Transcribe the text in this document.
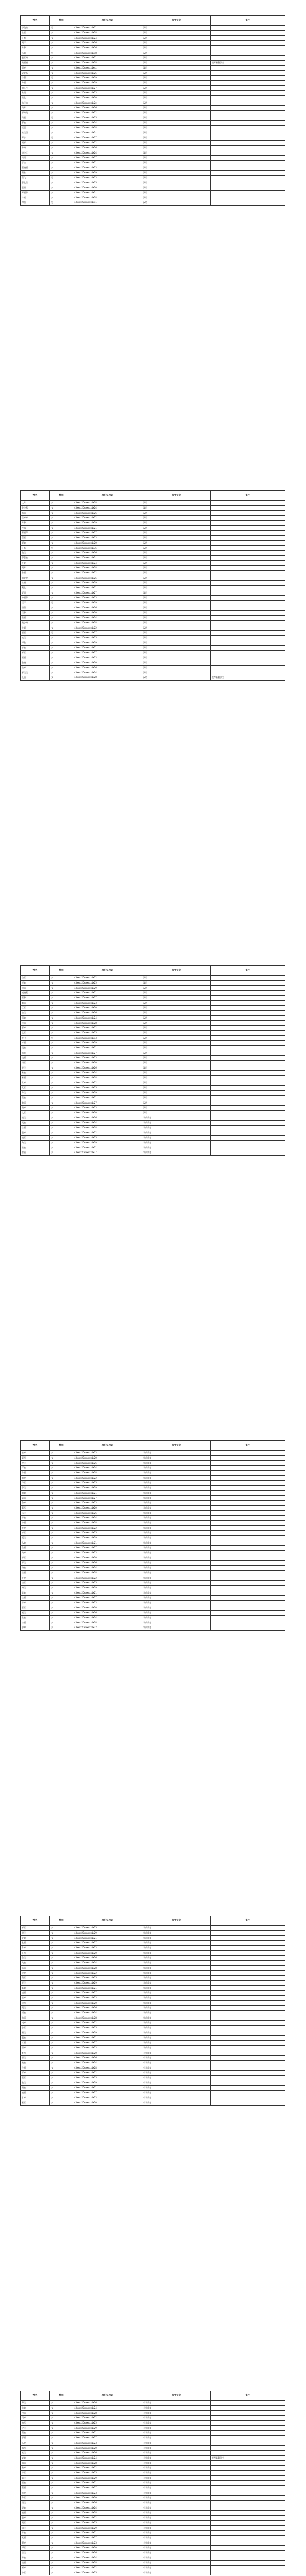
姓名	性别	身份证号码	报考专业	备注
李俊杰	男	43xxxx20xxxxxx1x31	汉语	
张磊	女	43xxxx20xxxxxx1x28	汉语	
王慧	女	43xxxx20xxxxxx1x24	汉语	
刘洋	女	43xxxx20xxxxxx1x26	汉语	
陈静	女	43xxxx20xxxxxx1x76	汉语	
杨帆	男	43xxxx20xxxxxx1x18	汉语	
赵雪梅	女	43xxxx20xxxxxx1x21	汉语	
黄丽娟	女	43xxxx20xxxxxx1x28	汉语	报考新疆学生
周婷	女	43xxxx20xxxxxx1x4x	汉语	
吴晓燕	女	43xxxx20xxxxxx1x25	汉语	
徐强	男	43xxxx20xxxxxx1x39	汉语	
孙丽	女	43xxxx20xxxxxx1x29	汉语	
胡玉兰	女	43xxxx20xxxxxx1x27	汉语	
朱明	女	43xxxx20xxxxxx1x23	汉语	
高欣	女	43xxxx20xxxxxx1x20	汉语	
林佳怡	女	43xxxx20xxxxxx1x2x	汉语	
何芳	女	43xxxx20xxxxxx1x26	汉语	
郭秀英	女	43xxxx20xxxxxx1x22	汉语	
马超	男	43xxxx20xxxxxx1x15	汉语	
罗敏	女	43xxxx20xxxxxx1x24	汉语	
梁晨	女	43xxxx20xxxxxx1x28	汉语	
宋佳琪	女	43xxxx20xxxxxx1x2x	汉语	
郑宇	男	43xxxx20xxxxxx1x37	汉语	
谢娜	女	43xxxx20xxxxxx1x22	汉语	
韩梅	女	43xxxx20xxxxxx1x26	汉语	
唐小红	女	43xxxx20xxxxxx1x24	汉语	
冯雨	女	43xxxx20xxxxxx1x27	汉语	
于洁	女	43xxxx20xxxxxx1x21	汉语	
董晓丽	女	43xxxx20xxxxxx1x23	汉语	
萧雅	女	43xxxx20xxxxxx1x29	汉语	
程飞	男	43xxxx20xxxxxx1x13	汉语	
曹欣然	女	43xxxx20xxxxxx1x25	汉语	
袁园	女	43xxxx20xxxxxx1x20	汉语	
邓丽华	女	43xxxx20xxxxxx1x2x	汉语	
许晴	女	43xxxx20xxxxxx1x28	汉语	
傅雷	男	43xxxx20xxxxxx1x11	汉语	
姓名	性别	身份证号码	报考专业	备注
沈月	女	43xxxx20xxxxxx1x28	汉语	
曾小燕	女	43xxxx20xxxxxx1x24	汉语	
彭丽	女	43xxxx20xxxxxx1x26	汉语	
吕婷婷	女	43xxxx20xxxxxx1x22	汉语	
苏静	女	43xxxx20xxxxxx1x29	汉语	
卢楠	女	43xxxx20xxxxxx1x21	汉语	
蒋丽萍	女	43xxxx20xxxxxx1x27	汉语	
蔡雯	女	43xxxx20xxxxxx1x23	汉语	
贾敏	女	43xxxx20xxxxxx1x20	汉语	
丁磊	男	43xxxx20xxxxxx1x35	汉语	
魏佳	女	43xxxx20xxxxxx1x26	汉语	
薛慧敏	女	43xxxx20xxxxxx1x2x	汉语	
叶青	女	43xxxx20xxxxxx1x24	汉语	
阎芳	女	43xxxx20xxxxxx1x28	汉语	
余丽	女	43xxxx20xxxxxx1x22	汉语	
潘晓婷	女	43xxxx20xxxxxx1x25	汉语	
杜娟	女	43xxxx20xxxxxx1x29	汉语	
戴欣	女	43xxxx20xxxxxx1x21	汉语	
夏雨	女	43xxxx20xxxxxx1x27	汉语	
钟丽华	女	43xxxx20xxxxxx1x23	汉语	
汪洋	男	43xxxx20xxxxxx1x19	汉语	
田甜	女	43xxxx20xxxxxx1x26	汉语	
任静	女	43xxxx20xxxxxx1x20	汉语	
姜丽	女	43xxxx20xxxxxx1x24	汉语	
范小梅	女	43xxxx20xxxxxx1x28	汉语	
方圆	女	43xxxx20xxxxxx1x22	汉语	
石磊	男	43xxxx20xxxxxx1x17	汉语	
姚佳	女	43xxxx20xxxxxx1x25	汉语	
谭晶	女	43xxxx20xxxxxx1x29	汉语	
廖敏	女	43xxxx20xxxxxx1x21	汉语	
邹雪	女	43xxxx20xxxxxx1x27	汉语	
熊丽	女	43xxxx20xxxxxx1x23	汉语	
金晓	女	43xxxx20xxxxxx1x20	汉语	
陆婷	女	43xxxx20xxxxxx1x26	汉语	
郝佳佳	女	43xxxx20xxxxxx1x24	汉语	
孔丽	女	43xxxx20xxxxxx1x28	汉语	报考新疆学生
姓名	性别	身份证号码	报考专业	备注
白雪	女	43xxxx20xxxxxx1x22	汉语	
崔敏	女	43xxxx20xxxxxx1x25	汉语	
康丽	女	43xxxx20xxxxxx1x29	汉语	
毛晓燕	女	43xxxx20xxxxxx1x21	汉语	
邱静	女	43xxxx20xxxxxx1x27	汉语	
秦丽	女	43xxxx20xxxxxx1x23	汉语	
江雪	女	43xxxx20xxxxxx1x20	汉语	
史佳	女	43xxxx20xxxxxx1x26	汉语	
顾敏	女	43xxxx20xxxxxx1x24	汉语	
侯丽	女	43xxxx20xxxxxx1x28	汉语	
邵婷	女	43xxxx20xxxxxx1x22	汉语	
孟雪	女	43xxxx20xxxxxx1x25	汉语	
龙飞	男	43xxxx20xxxxxx1x13	汉语	
万丽	女	43xxxx20xxxxxx1x29	汉语	
段敏	女	43xxxx20xxxxxx1x21	汉语	
雷静	女	43xxxx20xxxxxx1x27	汉语	
钱丽	女	43xxxx20xxxxxx1x23	汉语	
汤雪	女	43xxxx20xxxxxx1x20	汉语	
尹佳	女	43xxxx20xxxxxx1x26	汉语	
黎敏	女	43xxxx20xxxxxx1x24	汉语	
易丽	女	43xxxx20xxxxxx1x28	汉语	
常婷	女	43xxxx20xxxxxx1x22	汉语	
武雪	女	43xxxx20xxxxxx1x25	汉语	
乔佳	女	43xxxx20xxxxxx1x29	汉语	
贺敏	女	43xxxx20xxxxxx1x21	汉语	
赖丽	女	43xxxx20xxxxxx1x27	汉语	
龚婷	女	43xxxx20xxxxxx1x23	汉语	
文雪	女	43xxxx20xxxxxx1x20	汉语	
庞佳	女	43xxxx20xxxxxx1x26	学前教育	
樊敏	女	43xxxx20xxxxxx1x24	学前教育	
兰丽	女	43xxxx20xxxxxx1x28	学前教育	
殷婷	女	43xxxx20xxxxxx1x22	学前教育	
施雪	女	43xxxx20xxxxxx1x25	学前教育	
陶佳	女	43xxxx20xxxxxx1x29	学前教育	
洪敏	女	43xxxx20xxxxxx1x21	学前教育	
翟丽	女	43xxxx20xxxxxx1x27	学前教育	
姓名	性别	身份证号码	报考专业	备注
安婷	女	43xxxx20xxxxxx1x23	学前教育	
颜雪	女	43xxxx20xxxxxx1x20	学前教育	
倪佳	女	43xxxx20xxxxxx1x26	学前教育	
严敏	女	43xxxx20xxxxxx1x24	学前教育	
牛丽	女	43xxxx20xxxxxx1x28	学前教育	
温婷	女	43xxxx20xxxxxx1x22	学前教育	
芦雪	女	43xxxx20xxxxxx1x25	学前教育	
季佳	女	43xxxx20xxxxxx1x29	学前教育	
俞敏	女	43xxxx20xxxxxx1x21	学前教育	
章丽	女	43xxxx20xxxxxx1x27	学前教育	
鲁婷	女	43xxxx20xxxxxx1x23	学前教育	
葛雪	女	43xxxx20xxxxxx1x20	学前教育	
伍佳	女	43xxxx20xxxxxx1x26	学前教育	
韦敏	女	43xxxx20xxxxxx1x24	学前教育	
申丽	女	43xxxx20xxxxxx1x28	学前教育	
尤婷	女	43xxxx20xxxxxx1x22	学前教育	
毕雪	女	43xxxx20xxxxxx1x25	学前教育	
聂佳	女	43xxxx20xxxxxx1x29	学前教育	
丛敏	女	43xxxx20xxxxxx1x21	学前教育	
焦丽	女	43xxxx20xxxxxx1x27	学前教育	
向婷	女	43xxxx20xxxxxx1x23	学前教育	
柳雪	女	43xxxx20xxxxxx1x20	学前教育	
邢佳	女	43xxxx20xxxxxx1x26	学前教育	
路敏	女	43xxxx20xxxxxx1x24	学前教育	
岳丽	女	43xxxx20xxxxxx1x28	学前教育	
齐婷	女	43xxxx20xxxxxx1x22	学前教育	
沿雪	女	43xxxx20xxxxxx1x25	学前教育	
梅佳	女	43xxxx20xxxxxx1x29	学前教育	
莫敏	女	43xxxx20xxxxxx1x21	学前教育	
庄丽	女	43xxxx20xxxxxx1x27	学前教育	
辛婷	女	43xxxx20xxxxxx1x23	学前教育	
管雪	女	43xxxx20xxxxxx1x20	学前教育	
祝佳	女	43xxxx20xxxxxx1x26	学前教育	
左敏	女	43xxxx20xxxxxx1x24	学前教育	
涂丽	女	43xxxx20xxxxxx1x28	学前教育	
谷婷	女	43xxxx20xxxxxx1x22	学前教育	
姓名	性别	身份证号码	报考专业	备注
祁雪	女	43xxxx20xxxxxx1x25	学前教育	
时佳	女	43xxxx20xxxxxx1x29	学前教育	
舒敏	女	43xxxx20xxxxxx1x21	学前教育	
耿丽	女	43xxxx20xxxxxx1x27	学前教育	
牟婷	女	43xxxx20xxxxxx1x23	学前教育	
卜雪	女	43xxxx20xxxxxx1x20	学前教育	
詹佳	女	43xxxx20xxxxxx1x26	学前教育	
关敏	女	43xxxx20xxxxxx1x24	学前教育	
苗丽	女	43xxxx20xxxxxx1x28	学前教育	
凌婷	女	43xxxx20xxxxxx1x22	学前教育	
费雪	女	43xxxx20xxxxxx1x25	学前教育	
纪佳	女	43xxxx20xxxxxx1x29	学前教育	
靳敏	女	43xxxx20xxxxxx1x21	学前教育	
盛丽	女	43xxxx20xxxxxx1x27	学前教育	
童婷	女	43xxxx20xxxxxx1x23	学前教育	
欧雪	女	43xxxx20xxxxxx1x20	学前教育	
甄佳	女	43xxxx20xxxxxx1x26	学前教育	
项敏	女	43xxxx20xxxxxx1x24	学前教育	
曲丽	女	43xxxx20xxxxxx1x28	学前教育	
成婷	女	43xxxx20xxxxxx1x22	学前教育	
游雪	女	43xxxx20xxxxxx1x25	学前教育	
阳佳	女	43xxxx20xxxxxx1x29	学前教育	
裴敏	女	43xxxx20xxxxxx1x21	学前教育	
席丽	女	43xxxx20xxxxxx1x27	学前教育	
卫婷	女	43xxxx20xxxxxx1x23	学前教育	
查雪	女	43xxxx20xxxxxx1x20	小学教育	
屈佳	女	43xxxx20xxxxxx1x26	小学教育	
鲍敏	女	43xxxx20xxxxxx1x24	小学教育	
位丽	女	43xxxx20xxxxxx1x28	小学教育	
覃婷	女	43xxxx20xxxxxx1x22	小学教育	
霍雪	女	43xxxx20xxxxxx1x25	小学教育	
翁佳	女	43xxxx20xxxxxx1x29	小学教育	
隋敏	女	43xxxx20xxxxxx1x21	小学教育	
植丽	女	43xxxx20xxxxxx1x27	小学教育	
甘婷	女	43xxxx20xxxxxx1x23	小学教育	
景雪	女	43xxxx20xxxxxx1x20	小学教育	
姓名	性别	身份证号码	报考专业	备注
薄佳	女	43xxxx20xxxxxx1x26	小学教育	
单敏	女	43xxxx20xxxxxx1x24	小学教育	
包丽	女	43xxxx20xxxxxx1x28	小学教育	
司婷	女	43xxxx20xxxxxx1x22	小学教育	
柏雪	女	43xxxx20xxxxxx1x25	小学教育	
宁佳	女	43xxxx20xxxxxx1x29	小学教育	
蒲敏	女	43xxxx20xxxxxx1x21	小学教育	
邰丽	女	43xxxx20xxxxxx1x27	小学教育	
从婷	女	43xxxx20xxxxxx1x23	小学教育	
鄂雪	女	43xxxx20xxxxxx1x20	小学教育	
索佳	女	43xxxx20xxxxxx1x26	小学教育	
咸敏	女	43xxxx20xxxxxx1x24	小学教育	报考新疆学生
籍丽	女	43xxxx20xxxxxx1x28	小学教育	
赖婷	女	43xxxx20xxxxxx1x22	小学教育	
卓雪	女	43xxxx20xxxxxx1x25	小学教育	
蔺佳	女	43xxxx20xxxxxx1x29	小学教育	
屠敏	女	43xxxx20xxxxxx1x21	小学教育	
蒙丽	女	43xxxx20xxxxxx1x27	小学教育	
池婷	女	43xxxx20xxxxxx1x23	小学教育	
乔雪	女	43xxxx20xxxxxx1x20	小学教育	
阴佳	女	43xxxx20xxxxxx1x26	小学教育	
胥敏	女	43xxxx20xxxxxx1x24	小学教育	
能丽	女	43xxxx20xxxxxx1x28	小学教育	
苍婷	女	43xxxx20xxxxxx1x22	小学教育	
双雪	女	43xxxx20xxxxxx1x25	小学教育	
闻佳	女	43xxxx20xxxxxx1x29	小学教育	
莘敏	女	43xxxx20xxxxxx1x21	小学教育	
党丽	女	43xxxx20xxxxxx1x27	小学教育	
翟婷	女	43xxxx20xxxxxx1x23	小学教育	
谭雪	女	43xxxx20xxxxxx1x20	小学教育	
贡佳	女	43xxxx20xxxxxx1x26	小学教育	
劳敏	女	43xxxx20xxxxxx1x24	小学教育	
逄丽	女	43xxxx20xxxxxx1x28	小学教育	
姬婷	女	43xxxx20xxxxxx1x22	小学教育	
申雪	女	43xxxx20xxxxxx1x25	小学教育	
